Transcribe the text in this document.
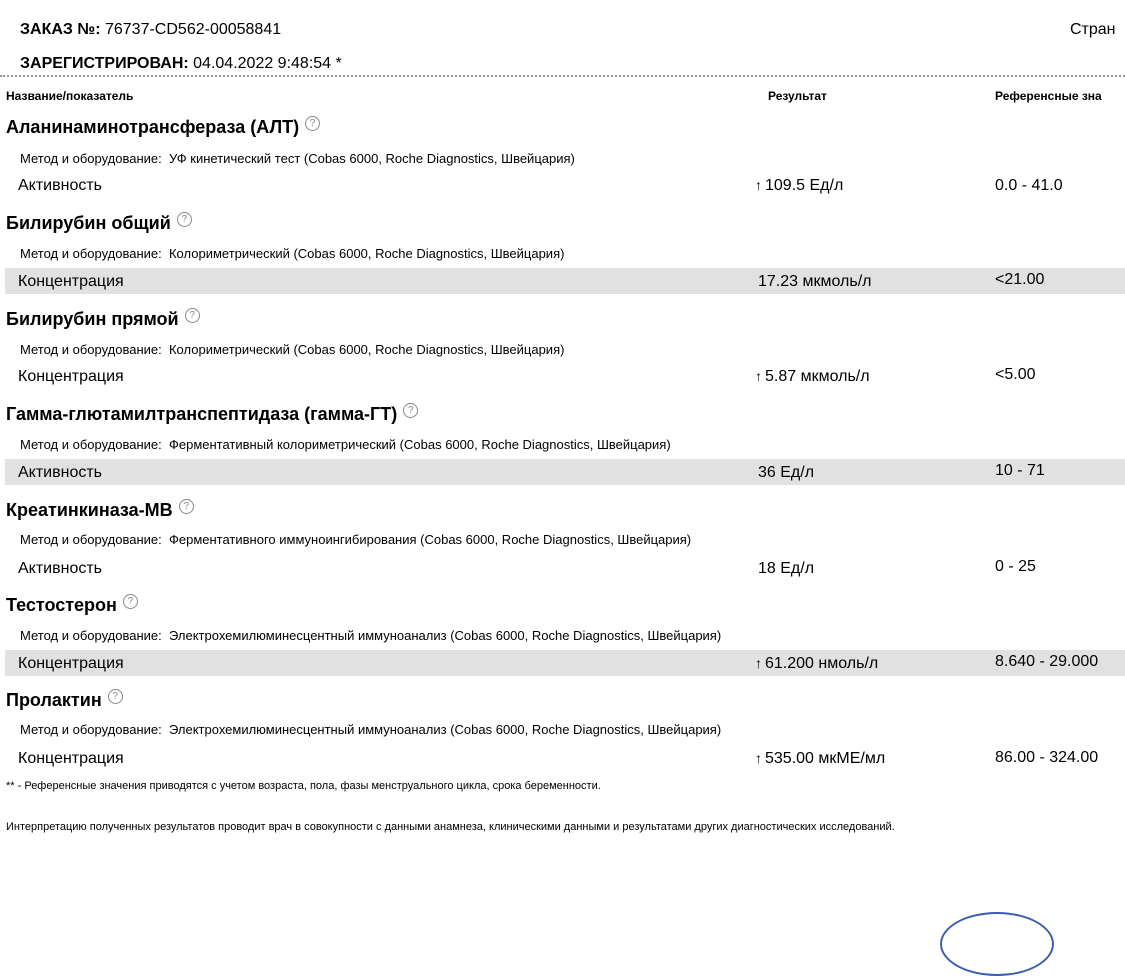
ЗАКАЗ №: 76737-CD562-00058841	Стран
ЗАРЕГИСТРИРОВАН: 04.04.2022 9:48:54 *
Название/показатель	Результат	Референсные зна
Аланинаминотрансфераза (АЛТ) ?
Метод и оборудование: УФ кинетический тест (Cobas 6000, Roche Diagnostics, Швейцария)
Активность	↑ 109.5 Ед/л	0.0 - 41.0
Билирубин общий ?
Метод и оборудование: Колориметрический (Cobas 6000, Roche Diagnostics, Швейцария)
Концентрация	17.23 мкмоль/л	<21.00
Билирубин прямой ?
Метод и оборудование: Колориметрический (Cobas 6000, Roche Diagnostics, Швейцария)
Концентрация	↑ 5.87 мкмоль/л	<5.00
Гамма-глютамилтранспептидаза (гамма-ГТ) ?
Метод и оборудование: Ферментативный колориметрический (Cobas 6000, Roche Diagnostics, Швейцария)
Активность	36 Ед/л	10 - 71
Креатинкиназа-МВ ?
Метод и оборудование: Ферментативного иммуноингибирования (Cobas 6000, Roche Diagnostics, Швейцария)
Активность	18 Ед/л	0 - 25
Тестостерон ?
Метод и оборудование: Электрохемилюминесцентный иммуноанализ (Cobas 6000, Roche Diagnostics, Швейцария)
Концентрация	↑ 61.200 нмоль/л	8.640 - 29.000
Пролактин ?
Метод и оборудование: Электрохемилюминесцентный иммуноанализ (Cobas 6000, Roche Diagnostics, Швейцария)
Концентрация	↑ 535.00 мкМЕ/мл	86.00 - 324.00
** - Референсные значения приводятся с учетом возраста, пола, фазы менструального цикла, срока беременности.
Интерпретацию полученных результатов проводит врач в совокупности с данными анамнеза, клиническими данными и результатами других диагностических исследований.
